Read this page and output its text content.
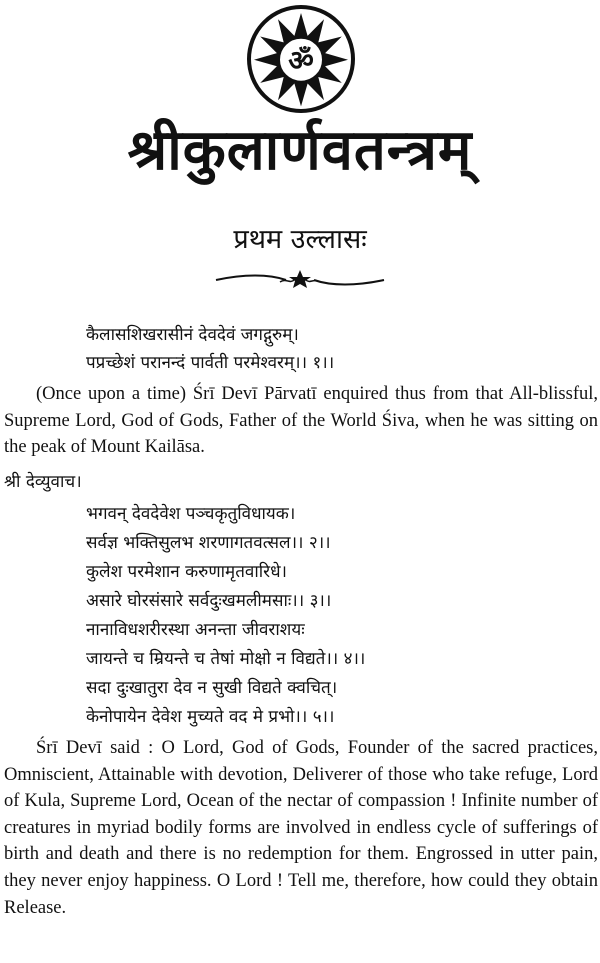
ॐ
श्रीकुलार्णवतन्त्रम्
प्रथम उल्लासः
कैलासशिखरासीनं देवदेवं जगद्गुरुम्।
पप्रच्छेशं परानन्दं पार्वती परमेश्वरम्।। १।।
(Once upon a time) Śrī Devī Pārvatī enquired thus from that All-blissful, Supreme Lord, God of Gods, Father of the World Śiva, when he was sitting on the peak of Mount Kailāsa.
श्री देव्युवाच।
भगवन् देवदेवेश पञ्चकृतुविधायक।
सर्वज्ञ भक्तिसुलभ शरणागतवत्सल।। २।।
कुलेश परमेशान करुणामृतवारिधे।
असारे घोरसंसारे सर्वदुःखमलीमसाः।। ३।।
नानाविधशरीरस्था अनन्ता जीवराशयः
जायन्ते च म्रियन्ते च तेषां मोक्षो न विद्यते।। ४।।
सदा दुःखातुरा देव न सुखी विद्यते क्वचित्।
केनोपायेन देवेश मुच्यते वद मे प्रभो।। ५।।
Śrī Devī said : O Lord, God of Gods, Founder of the sacred practices, Omniscient, Attainable with devotion, Deliverer of those who take refuge, Lord of Kula, Supreme Lord, Ocean of the nectar of compassion ! Infinite number of creatures in myriad bodily forms are involved in endless cycle of sufferings of birth and death and there is no redemption for them. Engrossed in utter pain, they never enjoy happiness. O Lord ! Tell me, therefore, how could they obtain Release.
